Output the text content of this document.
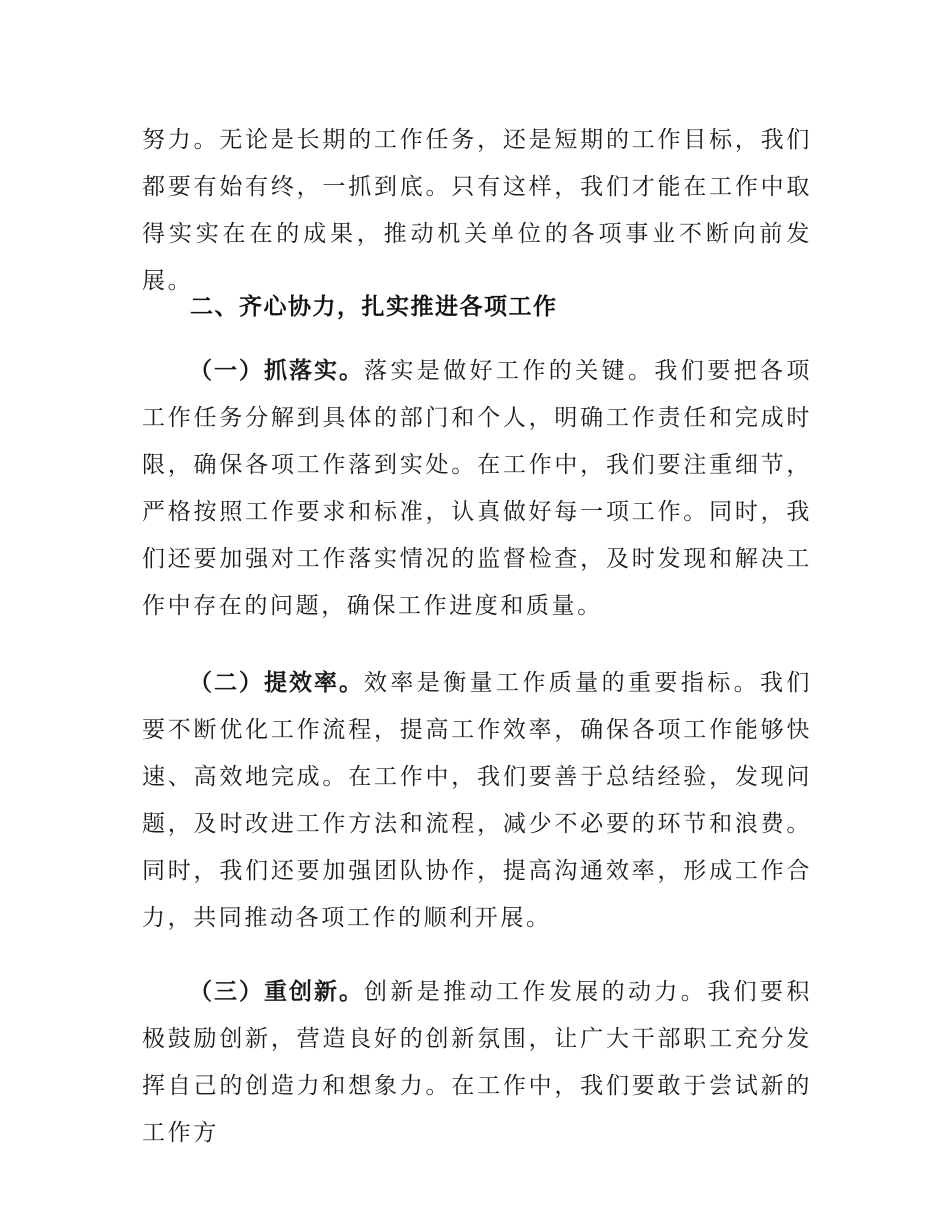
努力。无论是长期的工作任务，还是短期的工作目标，我们都要有始有终，一抓到底。只有这样，我们才能在工作中取得实实在在的成果，推动机关单位的各项事业不断向前发展。

二、齐心协力，扎实推进各项工作

（一）抓落实。落实是做好工作的关键。我们要把各项工作任务分解到具体的部门和个人，明确工作责任和完成时限，确保各项工作落到实处。在工作中，我们要注重细节，严格按照工作要求和标准，认真做好每一项工作。同时，我们还要加强对工作落实情况的监督检查，及时发现和解决工作中存在的问题，确保工作进度和质量。

（二）提效率。效率是衡量工作质量的重要指标。我们要不断优化工作流程，提高工作效率，确保各项工作能够快速、高效地完成。在工作中，我们要善于总结经验，发现问题，及时改进工作方法和流程，减少不必要的环节和浪费。同时，我们还要加强团队协作，提高沟通效率，形成工作合力，共同推动各项工作的顺利开展。

（三）重创新。创新是推动工作发展的动力。我们要积极鼓励创新，营造良好的创新氛围，让广大干部职工充分发挥自己的创造力和想象力。在工作中，我们要敢于尝试新的工作方
